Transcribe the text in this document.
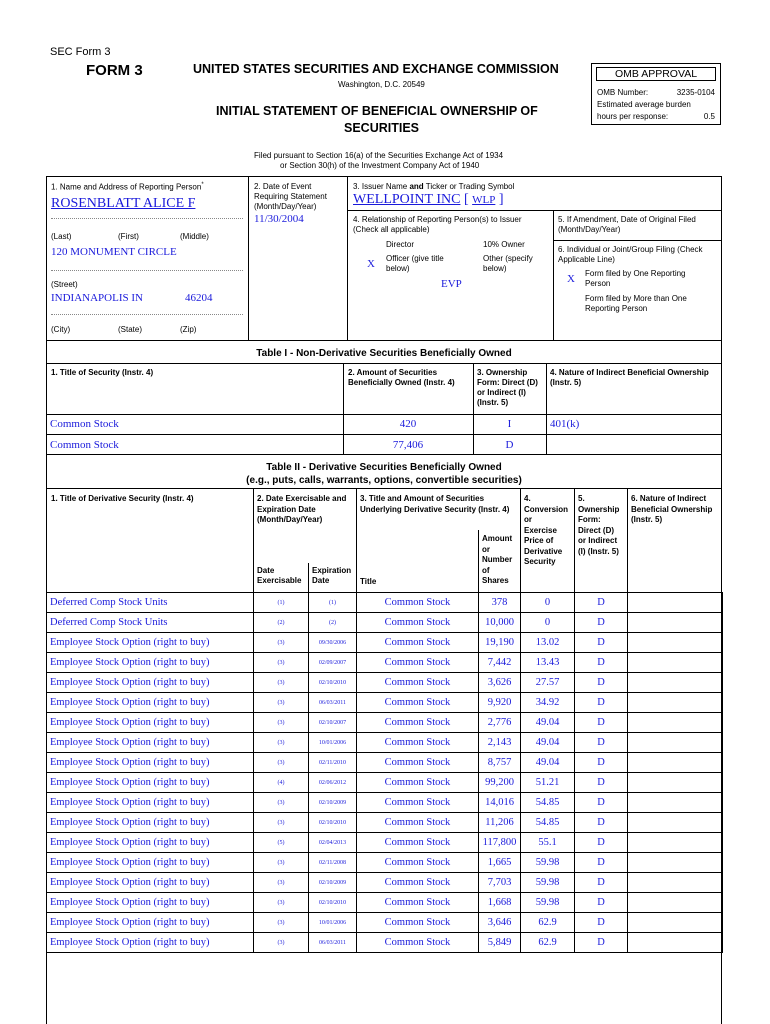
SEC Form 3
FORM 3	UNITED STATES SECURITIES AND EXCHANGE COMMISSION
Washington, D.C. 20549
INITIAL STATEMENT OF BENEFICIAL OWNERSHIP OF
SECURITIES
Filed pursuant to Section 16(a) of the Securities Exchange Act of 1934
or Section 30(h) of the Investment Company Act of 1940
OMB APPROVAL
OMB Number:	3235-0104
Estimated average burden
hours per response:	0.5
1. Name and Address of Reporting Person*
ROSENBLATT ALICE F
(Last)	(First)	(Middle)
120 MONUMENT CIRCLE
(Street)
INDIANAPOLIS IN	46204
(City)	(State)	(Zip)
2. Date of Event
Requiring Statement
(Month/Day/Year)
11/30/2004
3. Issuer Name and Ticker or Trading Symbol
WELLPOINT INC [ WLP ]
4. Relationship of Reporting Person(s) to Issuer
(Check all applicable)
Director	10% Owner
X Officer (give title
below)
Other (specify
below)
EVP
5. If Amendment, Date of Original Filed
(Month/Day/Year)
6. Individual or Joint/Group Filing (Check
Applicable Line)
X Form filed by One Reporting
Person
Form filed by More than One
Reporting Person
Table I - Non-Derivative Securities Beneficially Owned
1. Title of Security (Instr. 4)	2. Amount of Securities
Beneficially Owned (Instr. 4)
3. Ownership
Form: Direct (D)
or Indirect (I)
(Instr. 5)
4. Nature of Indirect Beneficial Ownership
(Instr. 5)
Common Stock	420	I	401(k)
Common Stock	77,406	D
Table II - Derivative Securities Beneficially Owned
(e.g., puts, calls, warrants, options, convertible securities)
1. Title of Derivative Security (Instr. 4)	2. Date Exercisable and
Expiration Date
(Month/Day/Year)
Date
Exercisable
Expiration
Date
3. Title and Amount of Securities
Underlying Derivative Security (Instr. 4)
Title
Amount
or
Number
of
Shares
4.
Conversion
or
Exercise
Price of
Derivative
Security
5.
Ownership
Form:
Direct (D)
or Indirect
(I) (Instr. 5)
6. Nature of Indirect
Beneficial Ownership
(Instr. 5)
Deferred Comp Stock Units	(1)	(1)	Common Stock	378	0	D	
Deferred Comp Stock Units	(2)	(2)	Common Stock	10,000	0	D	
Employee Stock Option (right to buy)	(3)	09/30/2006	Common Stock	19,190	13.02	D	
Employee Stock Option (right to buy)	(3)	02/09/2007	Common Stock	7,442	13.43	D	
Employee Stock Option (right to buy)	(3)	02/10/2010	Common Stock	3,626	27.57	D	
Employee Stock Option (right to buy)	(3)	06/03/2011	Common Stock	9,920	34.92	D	
Employee Stock Option (right to buy)	(3)	02/10/2007	Common Stock	2,776	49.04	D	
Employee Stock Option (right to buy)	(3)	10/01/2006	Common Stock	2,143	49.04	D	
Employee Stock Option (right to buy)	(3)	02/11/2010	Common Stock	8,757	49.04	D	
Employee Stock Option (right to buy)	(4)	02/06/2012	Common Stock	99,200	51.21	D	
Employee Stock Option (right to buy)	(3)	02/10/2009	Common Stock	14,016	54.85	D	
Employee Stock Option (right to buy)	(3)	02/10/2010	Common Stock	11,206	54.85	D	
Employee Stock Option (right to buy)	(5)	02/04/2013	Common Stock	117,800	55.1	D	
Employee Stock Option (right to buy)	(3)	02/11/2008	Common Stock	1,665	59.98	D	
Employee Stock Option (right to buy)	(3)	02/10/2009	Common Stock	7,703	59.98	D	
Employee Stock Option (right to buy)	(3)	02/10/2010	Common Stock	1,668	59.98	D	
Employee Stock Option (right to buy)	(3)	10/01/2006	Common Stock	3,646	62.9	D	
Employee Stock Option (right to buy)	(3)	06/03/2011	Common Stock	5,849	62.9	D	
